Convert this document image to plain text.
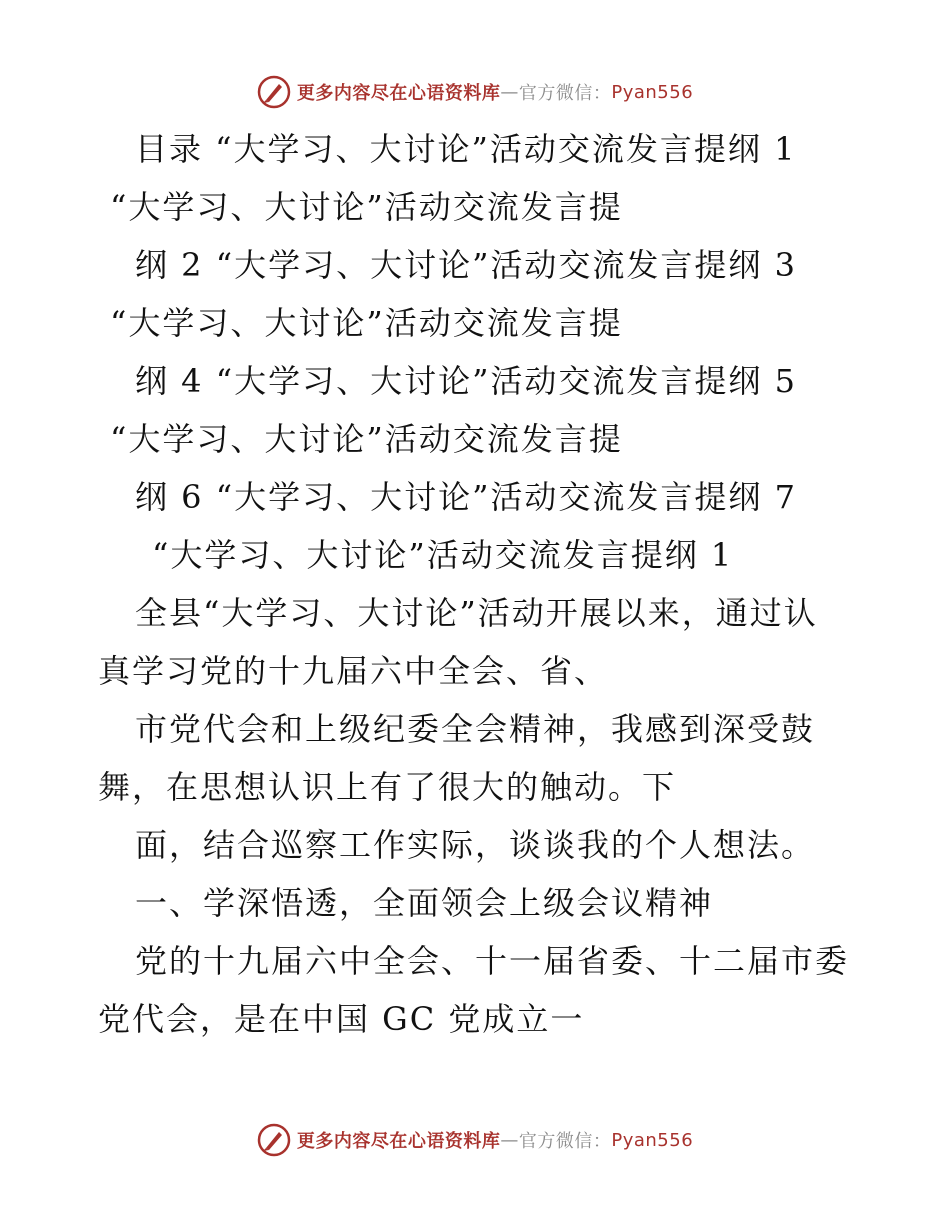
更多内容尽在心语资料库 — 官方微信： Pyan556
目录 “大学习、大讨论”活动交流发言提纲 1
“大学习、大讨论”活动交流发言提
纲 2 “大学习、大讨论”活动交流发言提纲 3
“大学习、大讨论”活动交流发言提
纲 4 “大学习、大讨论”活动交流发言提纲 5
“大学习、大讨论”活动交流发言提
纲 6 “大学习、大讨论”活动交流发言提纲 7
“大学习、大讨论”活动交流发言提纲 1
全县“大学习、大讨论”活动开展以来，通过认
真学习党的十九届六中全会、省、
市党代会和上级纪委全会精神，我感到深受鼓
舞，在思想认识上有了很大的触动。下
面，结合巡察工作实际，谈谈我的个人想法。
一、学深悟透，全面领会上级会议精神
党的十九届六中全会、十一届省委、十二届市委
党代会，是在中国 GC 党成立一
更多内容尽在心语资料库 — 官方微信： Pyan556
